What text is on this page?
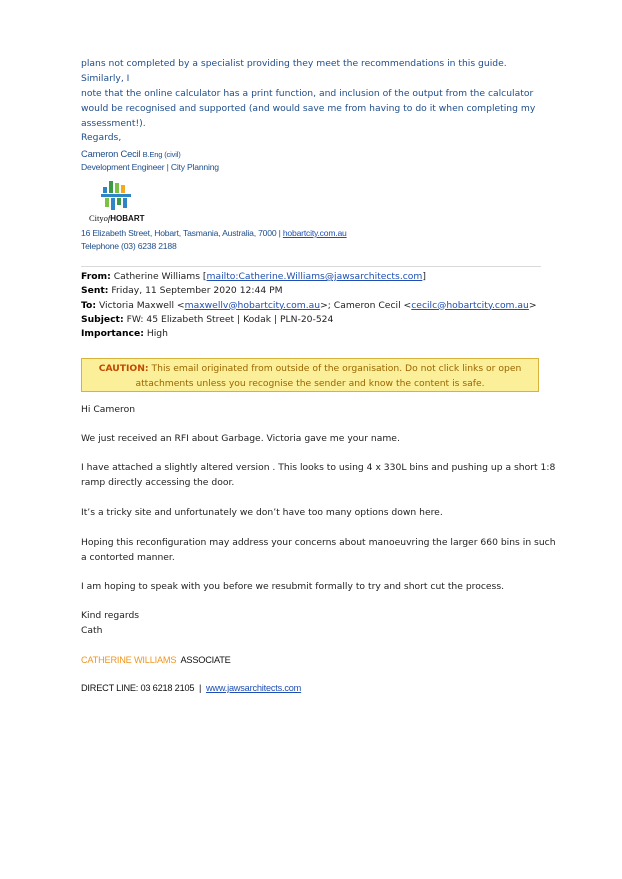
plans not completed by a specialist providing they meet the recommendations in this guide. Similarly, I
note that the online calculator has a print function, and inclusion of the output from the calculator
would be recognised and supported (and would save me from having to do it when completing my
assessment!).
Regards,
Cameron Cecil B.Eng (civil)
Development Engineer | City Planning
CityofHOBART
16 Elizabeth Street, Hobart, Tasmania, Australia, 7000 | hobartcity.com.au
Telephone (03) 6238 2188
From: Catherine Williams [mailto:Catherine.Williams@jawsarchitects.com]
Sent: Friday, 11 September 2020 12:44 PM
To: Victoria Maxwell <maxwellv@hobartcity.com.au>; Cameron Cecil <cecilc@hobartcity.com.au>
Subject: FW: 45 Elizabeth Street | Kodak | PLN-20-524
Importance: High
CAUTION: This email originated from outside of the organisation. Do not click links or open
attachments unless you recognise the sender and know the content is safe.
Hi Cameron
We just received an RFI about Garbage. Victoria gave me your name.
I have attached a slightly altered version . This looks to using 4 x 330L bins and pushing up a short 1:8
ramp directly accessing the door.
It’s a tricky site and unfortunately we don’t have too many options down here.
Hoping this reconfiguration may address your concerns about manoeuvring the larger 660 bins in such
a contorted manner.
I am hoping to speak with you before we resubmit formally to try and short cut the process.
Kind regards
Cath
CATHERINE WILLIAMS ASSOCIATE
DIRECT LINE: 03 6218 2105 | www.jawsarchitects.com
